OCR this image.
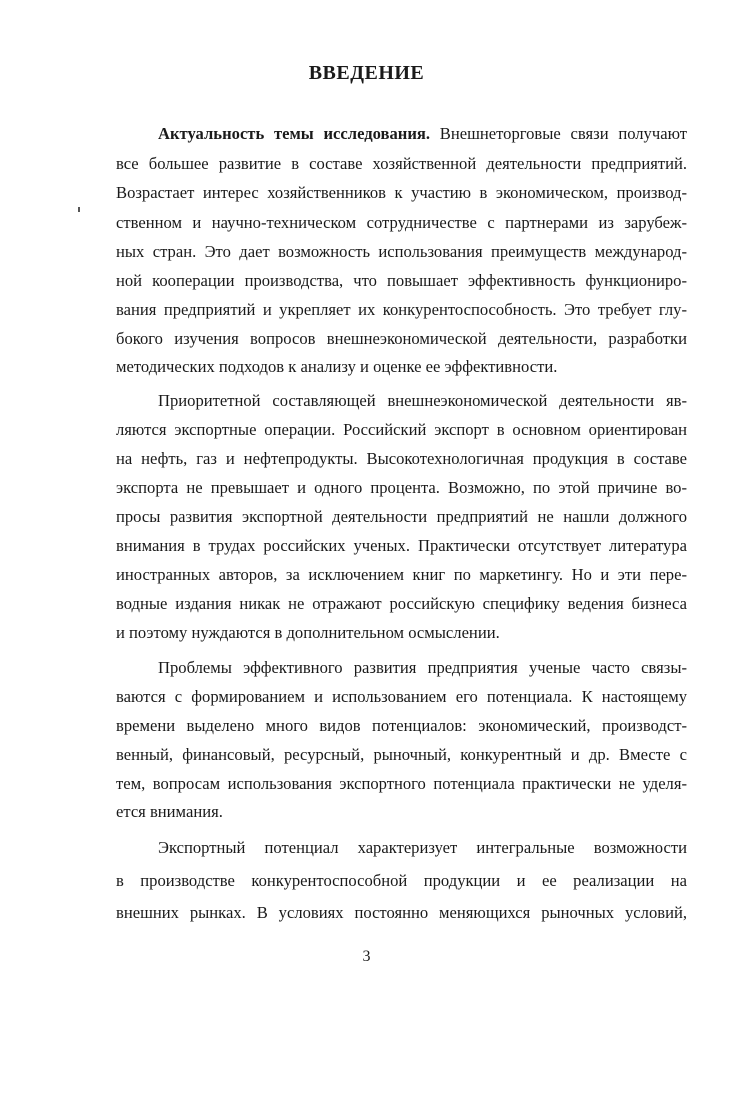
ВВЕДЕНИЕ
Актуальность темы исследования. Внешнеторговые связи получают
все большее развитие в составе хозяйственной деятельности предприятий.
Возрастает интерес хозяйственников к участию в экономическом, производ-
ственном и научно-техническом сотрудничестве с партнерами из зарубеж-
ных стран. Это дает возможность использования преимуществ международ-
ной кооперации производства, что повышает эффективность функциониро-
вания предприятий и укрепляет их конкурентоспособность. Это требует глу-
бокого изучения вопросов внешнеэкономической деятельности, разработки
методических подходов к анализу и оценке ее эффективности.
Приоритетной составляющей внешнеэкономической деятельности яв-
ляются экспортные операции. Российский экспорт в основном ориентирован
на нефть, газ и нефтепродукты. Высокотехнологичная продукция в составе
экспорта не превышает и одного процента. Возможно, по этой причине во-
просы развития экспортной деятельности предприятий не нашли должного
внимания в трудах российских ученых. Практически отсутствует литература
иностранных авторов, за исключением книг по маркетингу. Но и эти пере-
водные издания никак не отражают российскую специфику ведения бизнеса
и поэтому нуждаются в дополнительном осмыслении.
Проблемы эффективного развития предприятия ученые часто связы-
ваются с формированием и использованием его потенциала. К настоящему
времени выделено много видов потенциалов: экономический, производст-
венный, финансовый, ресурсный, рыночный, конкурентный и др. Вместе с
тем, вопросам использования экспортного потенциала практически не уделя-
ется внимания.
Экспортный потенциал характеризует интегральные возможности
в производстве конкурентоспособной продукции и ее реализации на
внешних рынках. В условиях постоянно меняющихся рыночных условий,
3
